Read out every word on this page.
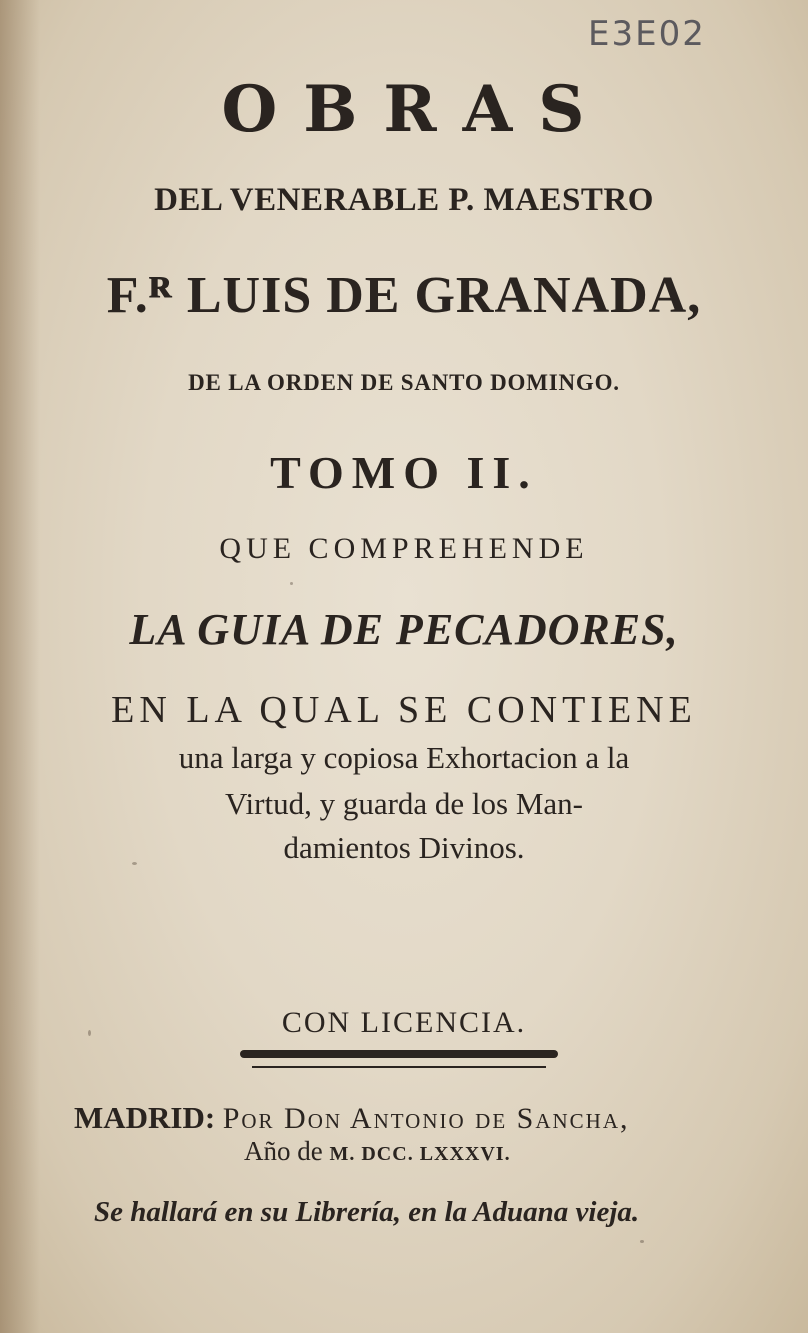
E3E02
OBRAS
DEL VENERABLE P. MAESTRO
F.ᴿ LUIS DE GRANADA,
DE LA ORDEN DE SANTO DOMINGO.
TOMO II.
QUE COMPREHENDE
LA GUIA DE PECADORES,
EN LA QUAL SE CONTIENE
una larga y copiosa Exhortacion a la
Virtud, y guarda de los Man-
damientos Divinos.
CON LICENCIA.
MADRID: Por Don Antonio de Sancha,
Año de M. DCC. LXXXVI.
Se hallará en su Librería, en la Aduana vieja.
